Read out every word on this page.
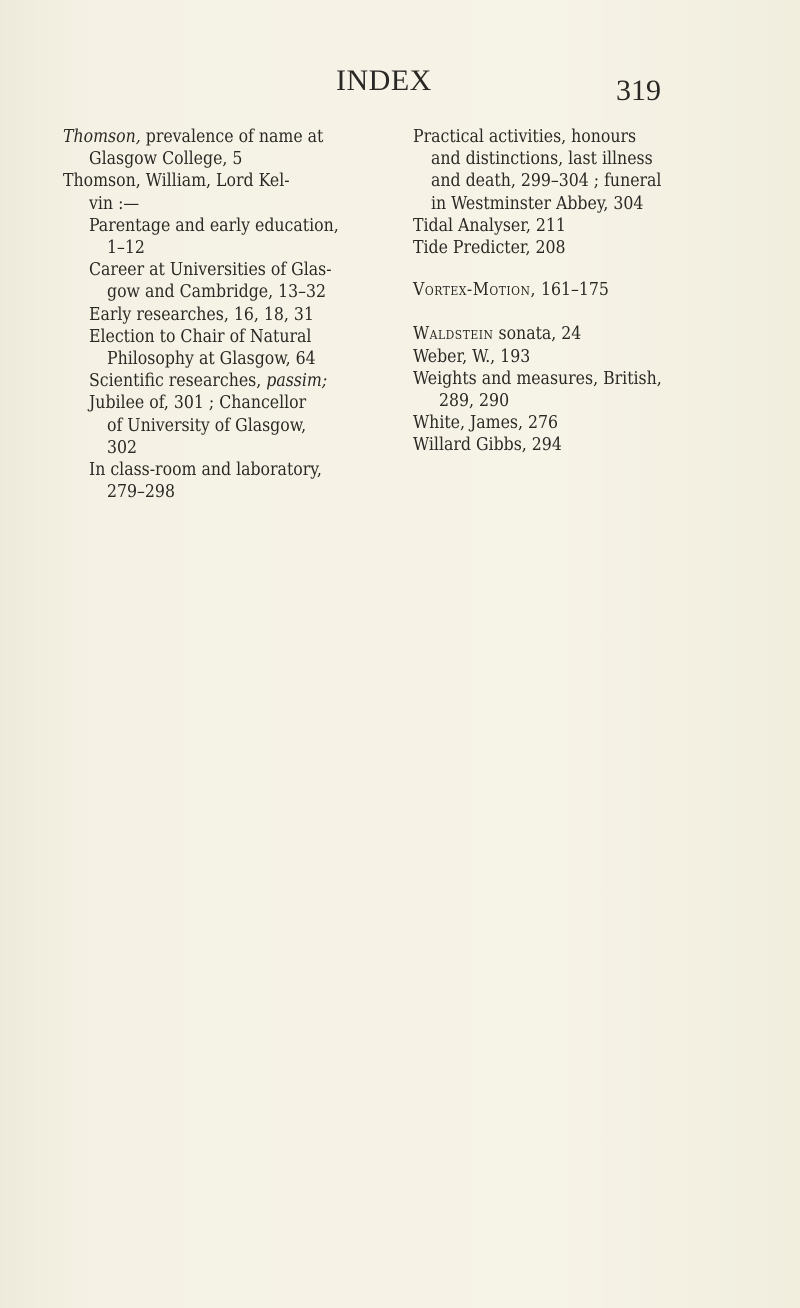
INDEX	319

Thomson, prevalence of name at
Glasgow College, 5

Thomson, William, Lord Kel-
vin :—

Parentage and early education,
1–12

Career at Universities of Glas-
gow and Cambridge, 13–32

Early researches, 16, 18, 31

Election to Chair of Natural
Philosophy at Glasgow, 64

Scientific researches, passim;

Jubilee of, 301 ; Chancellor
of University of Glasgow,
302

In class-room and laboratory,
279–298

Practical activities, honours
and distinctions, last illness
and death, 299–304 ; funeral
in Westminster Abbey, 304

Tidal Analyser, 211

Tide Predicter, 208

Vortex-Motion, 161–175

Waldstein sonata, 24

Weber, W., 193

Weights and measures, British,
289, 290

White, James, 276

Willard Gibbs, 294
